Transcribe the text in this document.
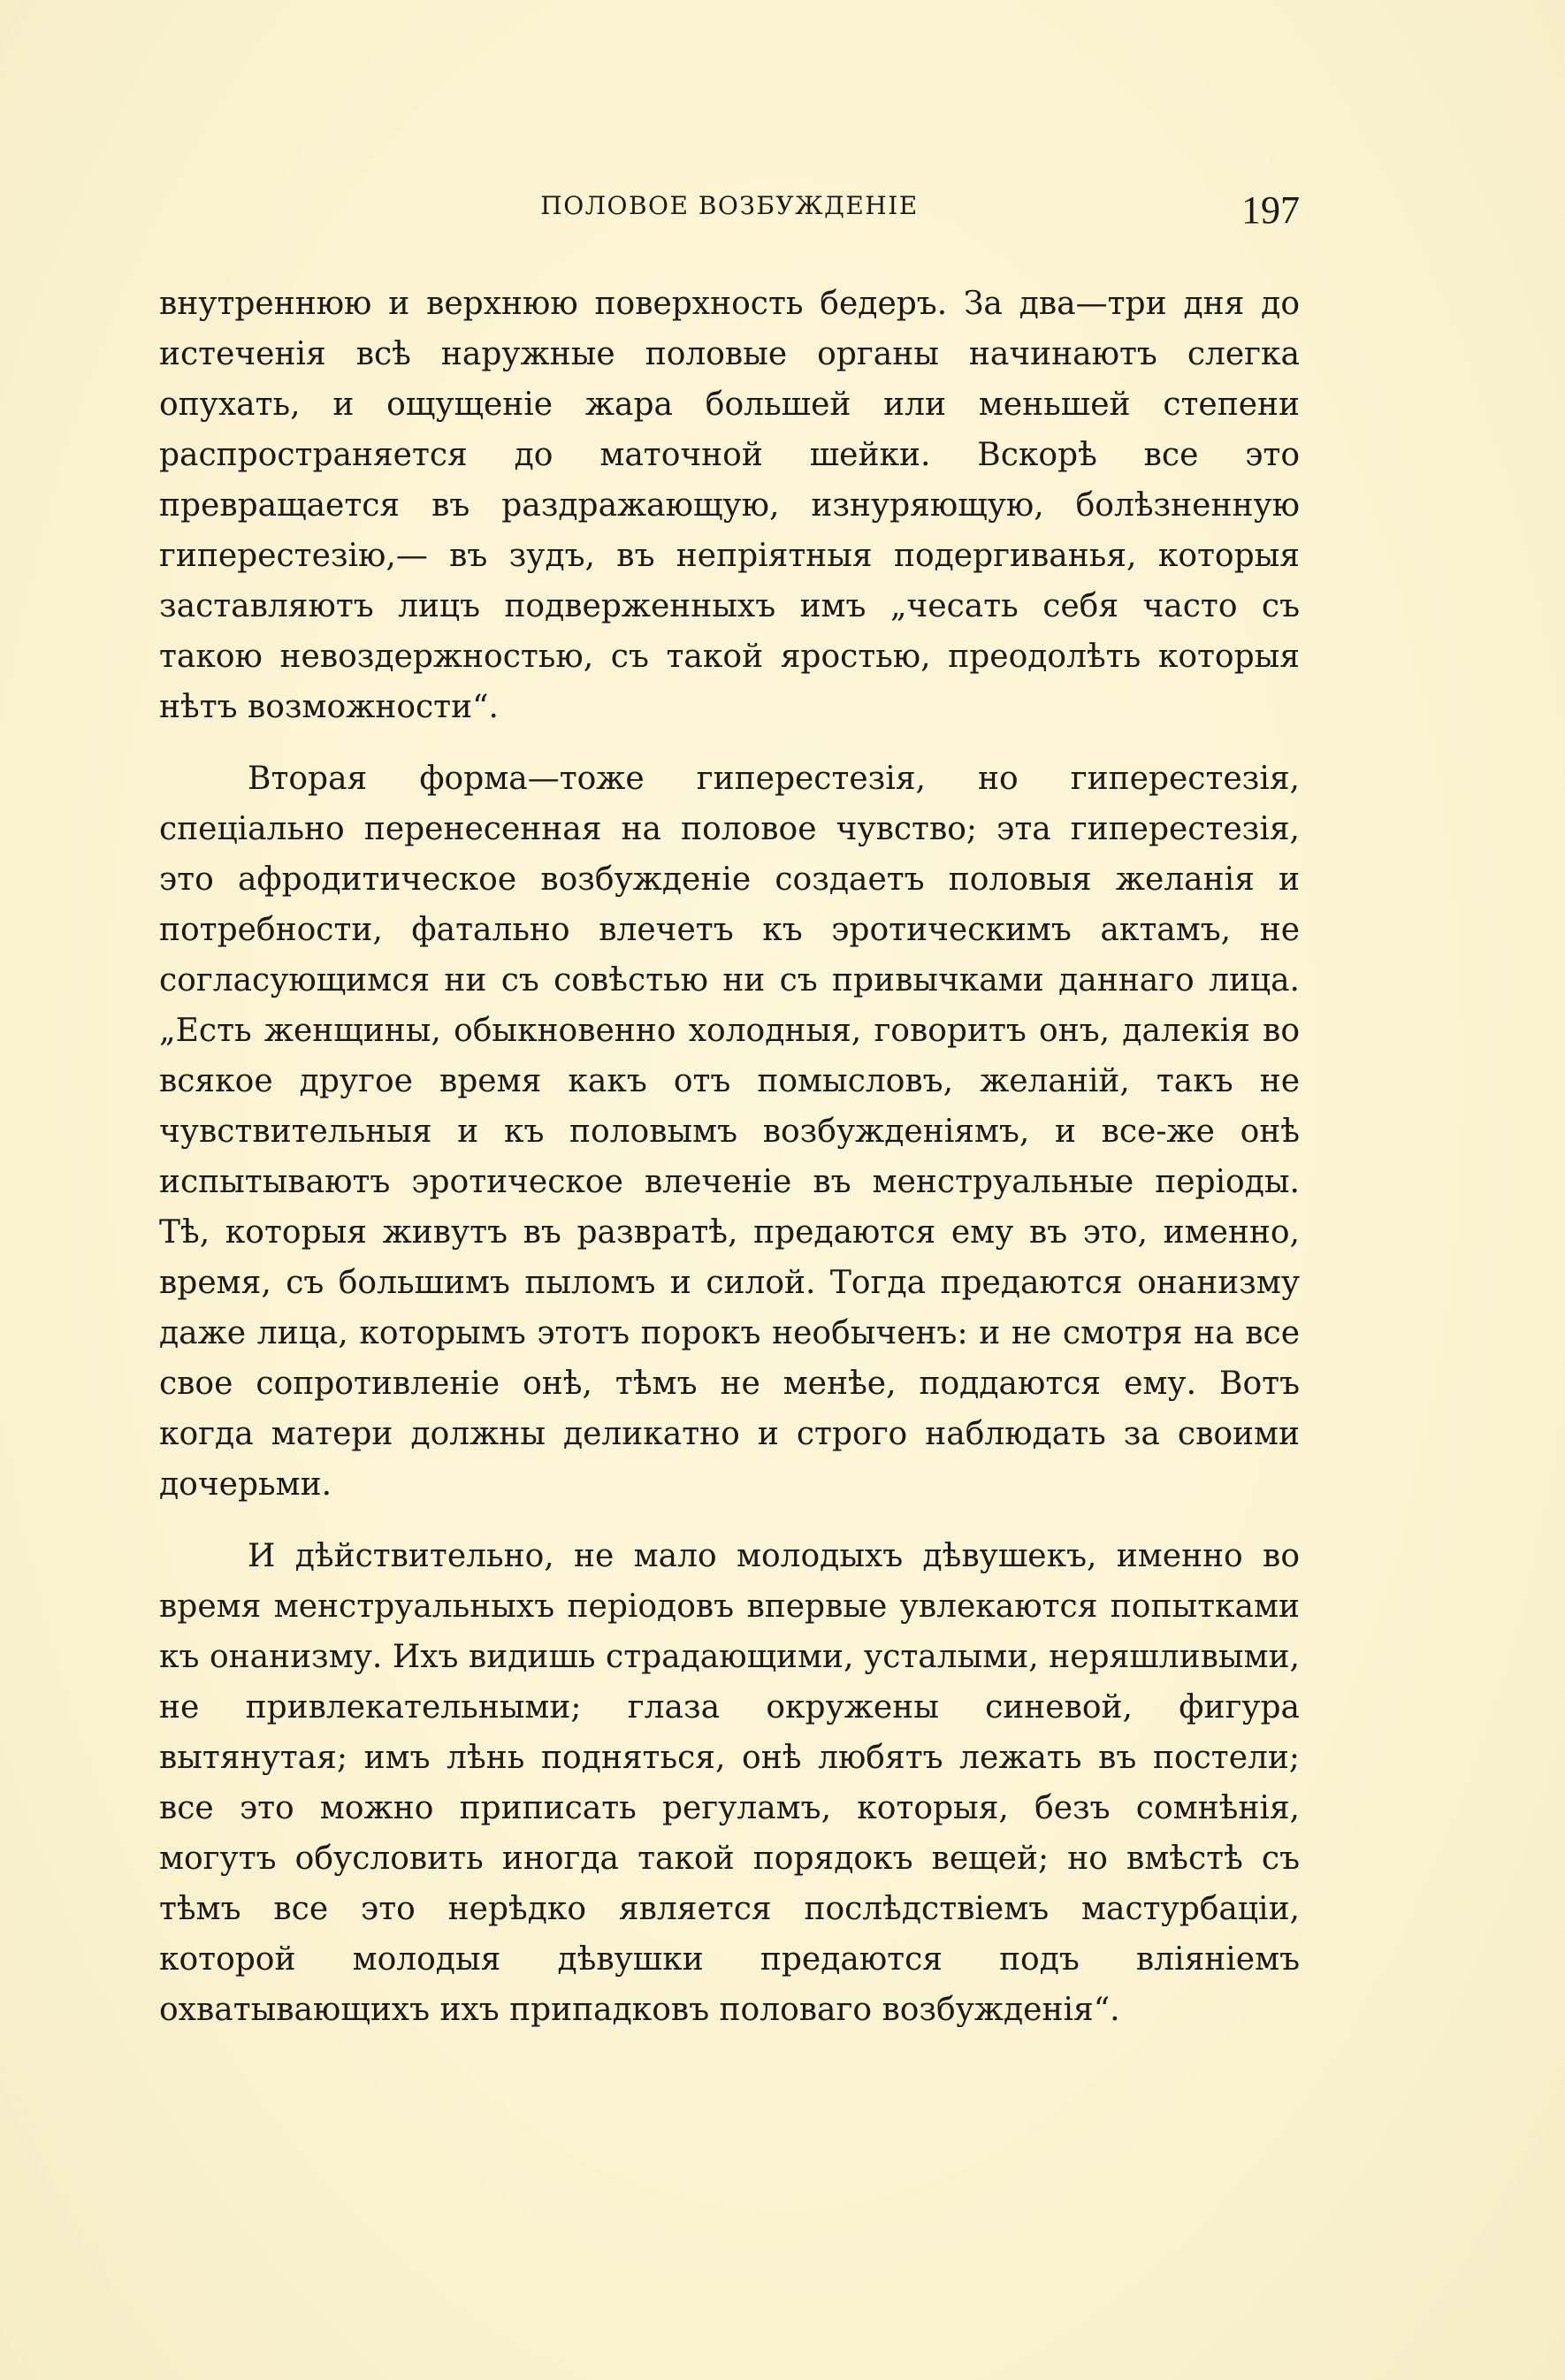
ПОЛОВОЕ ВОЗБУЖДЕНІЕ	197

внутреннюю и верхнюю поверхность бедеръ. За два—три дня до истеченія всѣ наружные половые органы начинаютъ слегка опухать, и ощущеніе жара большей или меньшей степени распространяется до маточной шейки. Вскорѣ все это превращается въ раздражающую, изнуряющую, болѣзненную гиперестезію,— въ зудъ, въ непріятныя подергиванья, которыя заставляютъ лицъ подверженныхъ имъ „чесать себя часто съ такою невоздержностью, съ такой яростью, преодолѣть которыя нѣтъ возможности“.

Вторая форма—тоже гиперестезія, но гиперестезія, спеціально перенесенная на половое чувство; эта гиперестезія, это афродитическое возбужденіе создаетъ половыя желанія и потребности, фатально влечетъ къ эротическимъ актамъ, не согласующимся ни съ совѣстью ни съ привычками даннаго лица. „Есть женщины, обыкновенно холодныя, говоритъ онъ, далекія во всякое другое время какъ отъ помысловъ, желаній, такъ не чувствительныя и къ половымъ возбужденіямъ, и все-же онѣ испытываютъ эротическое влеченіе въ менструальные періоды. Тѣ, которыя живутъ въ развратѣ, предаются ему въ это, именно, время, съ большимъ пыломъ и силой. Тогда предаются онанизму даже лица, которымъ этотъ порокъ необыченъ: и не смотря на все свое сопротивленіе онѣ, тѣмъ не менѣе, поддаются ему. Вотъ когда матери должны деликатно и строго наблюдать за своими дочерьми.

И дѣйствительно, не мало молодыхъ дѣвушекъ, именно во время менструальныхъ періодовъ впервые увлекаются попытками къ онанизму. Ихъ видишь страдающими, усталыми, неряшливыми, не привлекательными; глаза окружены синевой, фигура вытянутая; имъ лѣнь подняться, онѣ любятъ лежать въ постели; все это можно приписать регуламъ, которыя, безъ сомнѣнія, могутъ обусловить иногда такой порядокъ вещей; но вмѣстѣ съ тѣмъ все это нерѣдко является послѣдствіемъ мастурбаціи, которой молодыя дѣвушки предаются подъ вліяніемъ охватывающихъ ихъ припадковъ половаго возбужденія“.
